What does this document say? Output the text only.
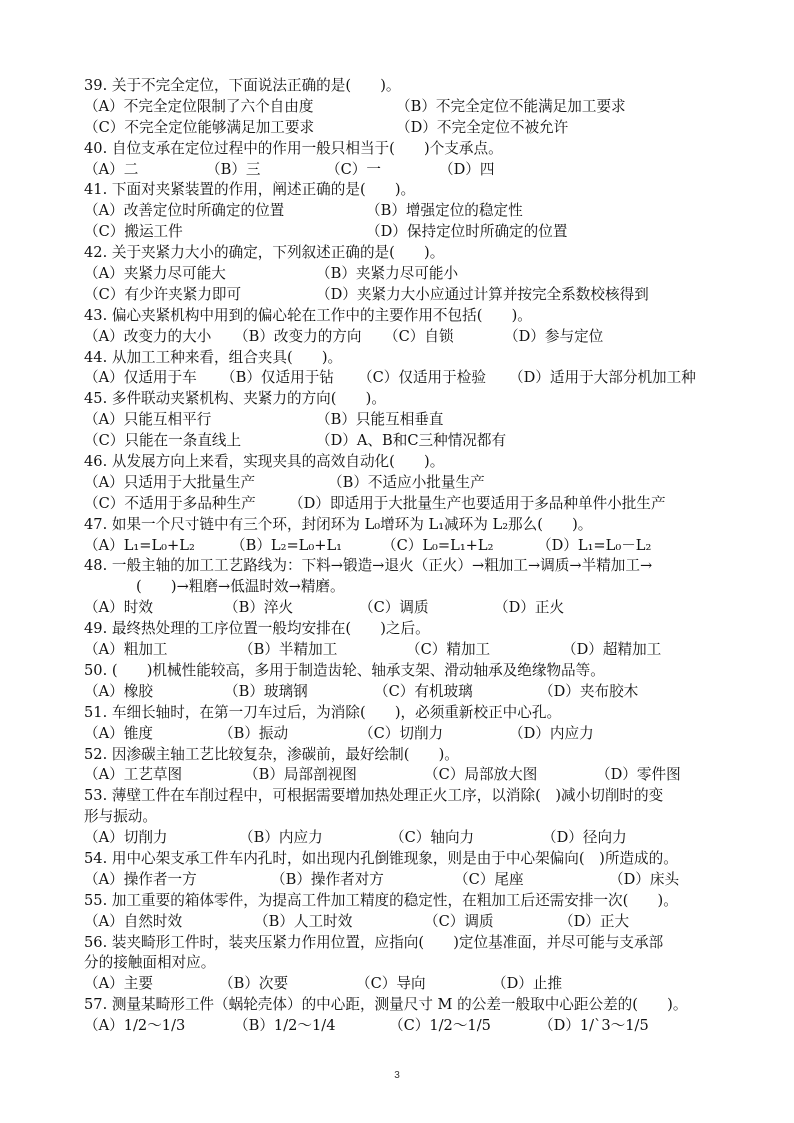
39. 关于不完全定位，下面说法正确的是(　　)。
（A）不完全定位限制了六个自由度	（B）不完全定位不能满足加工要求
（C）不完全定位能够满足加工要求	（D）不完全定位不被允许
40. 自位支承在定位过程中的作用一般只相当于(　　)个支承点。
（A）二	（B）三	（C）一	（D）四
41. 下面对夹紧装置的作用，阐述正确的是(　　)。
（A）改善定位时所确定的位置	（B）增强定位的稳定性
（C）搬运工件	（D）保持定位时所确定的位置
42. 关于夹紧力大小的确定，下列叙述正确的是(　　)。
（A）夹紧力尽可能大	（B）夹紧力尽可能小
（C）有少许夹紧力即可	（D）夹紧力大小应通过计算并按完全系数校核得到
43. 偏心夹紧机构中用到的偏心轮在工作中的主要作用不包括(　　)。
（A）改变力的大小 （B）改变力的方向 （C）自锁	（D）参与定位
44. 从加工工种来看，组合夹具(　　)。
（A）仅适用于车 （B）仅适用于钻 （C）仅适用于检验 （D）适用于大部分机加工种
45. 多件联动夹紧机构、夹紧力的方向(　　)。
（A）只能互相平行	（B）只能互相垂直
（C）只能在一条直线上	（D）A、B和C三种情况都有
46. 从发展方向上来看，实现夹具的高效自动化(　　)。
（A）只适用于大批量生产	（B）不适应小批量生产
（C）不适用于多品种生产 （D）即适用于大批量生产也要适用于多品种单件小批生产
47. 如果一个尺寸链中有三个环，封闭环为 L₀增环为 L₁减环为 L₂那么(　　)。
（A）L₁=L₀+L₂ （B）L₂=L₀+L₁	（C）L₀=L₁+L₂	（D）L₁=L₀－L₂
48. 一般主轴的加工工艺路线为：下料→锻造→退火（正火）→粗加工→调质→半精加工→
(　　)→粗磨→低温时效→精磨。
（A）时效	（B）淬火	（C）调质	（D）正火
49. 最终热处理的工序位置一般均安排在(　　)之后。
（A）粗加工	（B）半精加工	（C）精加工	（D）超精加工
50. (　　)机械性能较高，多用于制造齿轮、轴承支架、滑动轴承及绝缘物品等。
（A）橡胶	（B）玻璃钢	（C）有机玻璃	（D）夹布胶木
51. 车细长轴时，在第一刀车过后，为消除(　　)，必须重新校正中心孔。
（A）锥度	（B）振动	（C）切削力	（D）内应力
52. 因渗碳主轴工艺比较复杂，渗碳前，最好绘制(　　)。
（A）工艺草图	（B）局部剖视图	（C）局部放大图	（D）零件图
53. 薄壁工件在车削过程中，可根据需要增加热处理正火工序，以消除(　)减小切削时的变
形与振动。
（A）切削力	（B）内应力	（C）轴向力	（D）径向力
54. 用中心架支承工件车内孔时，如出现内孔倒锥现象，则是由于中心架偏向(　)所造成的。
（A）操作者一方	（B）操作者对方	（C）尾座	（D）床头
55. 加工重要的箱体零件，为提高工件加工精度的稳定性，在粗加工后还需安排一次(　　)。
（A）自然时效	（B）人工时效	（C）调质	（D）正大
56. 装夹畸形工件时，装夹压紧力作用位置，应指向(　　)定位基准面，并尽可能与支承部
分的接触面相对应。
（A）主要	（B）次要	（C）导向	（D）止推
57. 测量某畸形工件（蜗轮壳体）的中心距，测量尺寸 M 的公差一般取中心距公差的(　　)。
（A）1/2～1/3	（B）1/2～1/4	（C）1/2～1/5	（D）1/`3～1/5
3
